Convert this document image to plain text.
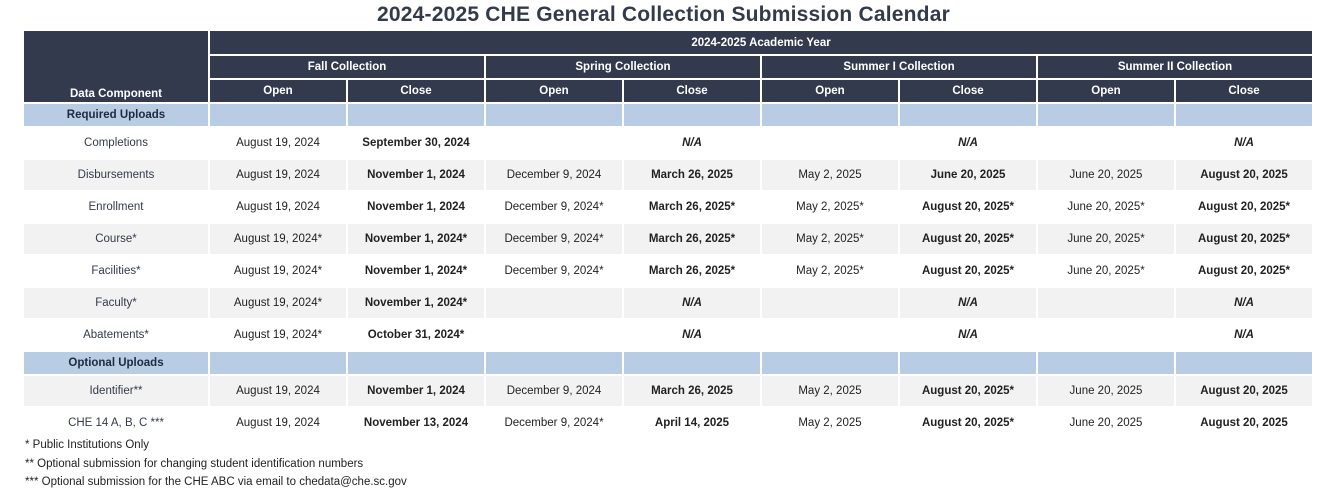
2024-2025 CHE General Collection Submission Calendar
Data Component	2024-2025 Academic Year							
	Fall Collection		Spring Collection		Summer I Collection		Summer II Collection	
	Open	Close	Open	Close	Open	Close	Open	Close
Required Uploads								
Completions	August 19, 2024	September 30, 2024		N/A		N/A		N/A
Disbursements	August 19, 2024	November 1, 2024	December 9, 2024	March 26, 2025	May 2, 2025	June 20, 2025	June 20, 2025	August 20, 2025
Enrollment	August 19, 2024	November 1, 2024	December 9, 2024*	March 26, 2025*	May 2, 2025*	August 20, 2025*	June 20, 2025*	August 20, 2025*
Course*	August 19, 2024*	November 1, 2024*	December 9, 2024*	March 26, 2025*	May 2, 2025*	August 20, 2025*	June 20, 2025*	August 20, 2025*
Facilities*	August 19, 2024*	November 1, 2024*	December 9, 2024*	March 26, 2025*	May 2, 2025*	August 20, 2025*	June 20, 2025*	August 20, 2025*
Faculty*	August 19, 2024*	November 1, 2024*		N/A		N/A		N/A
Abatements*	August 19, 2024*	October 31, 2024*		N/A		N/A		N/A
Optional Uploads								
Identifier**	August 19, 2024	November 1, 2024	December 9, 2024	March 26, 2025	May 2, 2025	August 20, 2025*	June 20, 2025	August 20, 2025
CHE 14 A, B, C ***	August 19, 2024	November 13, 2024	December 9, 2024*	April 14, 2025	May 2, 2025	August 20, 2025*	June 20, 2025	August 20, 2025
* Public Institutions Only
** Optional submission for changing student identification numbers
*** Optional submission for the CHE ABC via email to chedata@che.sc.gov
